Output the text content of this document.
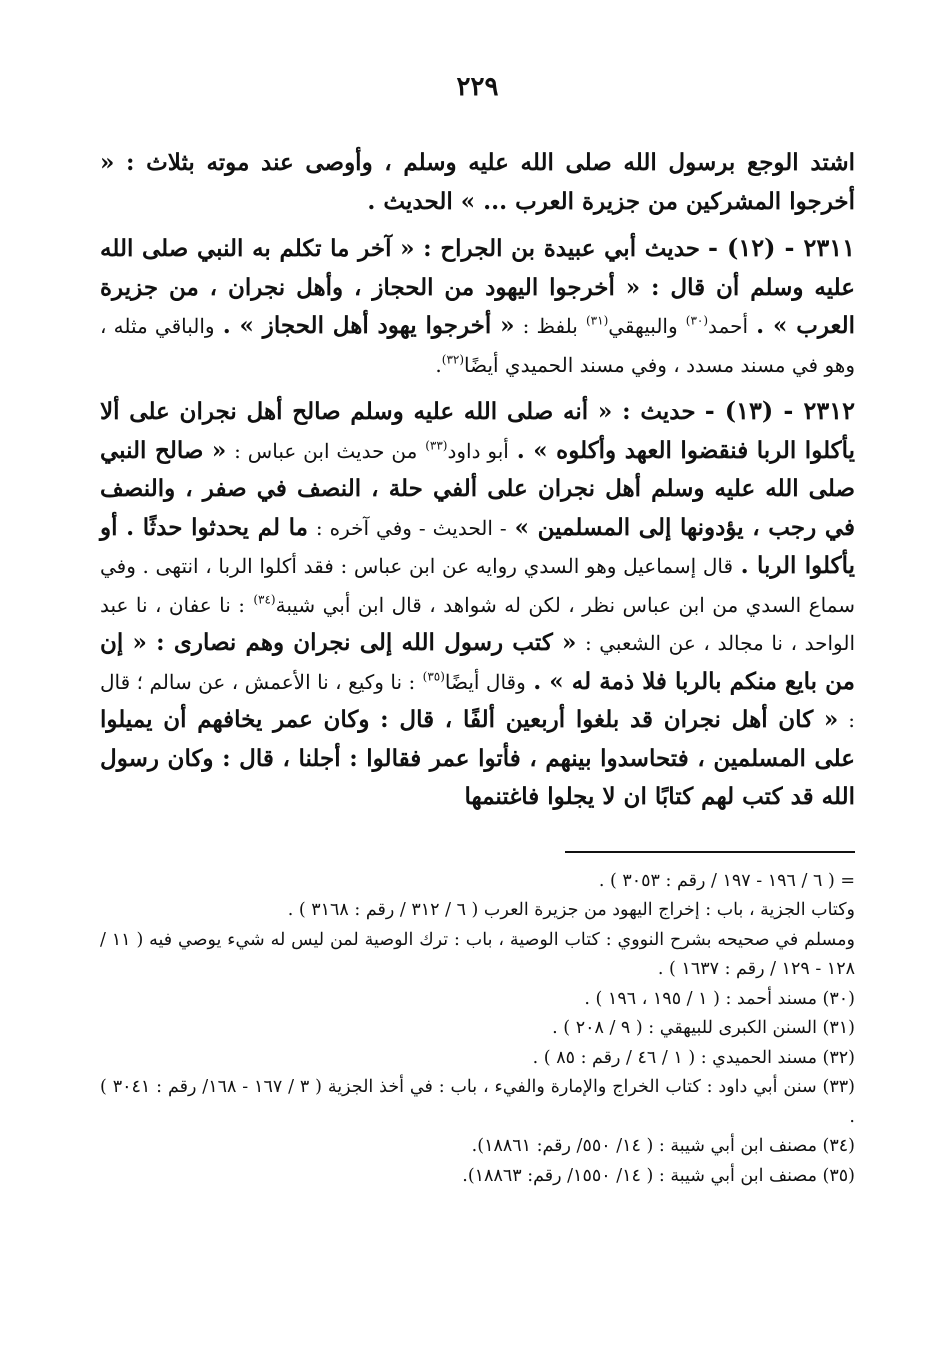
٢٢٩

اشتد الوجع برسول الله صلى الله عليه وسلم ، وأوصى عند موته بثلاث : « أخرجوا المشركين من جزيرة العرب ... » الحديث .

٢٣١١ - (١٢) - حديث أبي عبيدة بن الجراح : « آخر ما تكلم به النبي صلى الله عليه وسلم أن قال : « أخرجوا اليهود من الحجاز ، وأهل نجران ، من جزيرة العرب » . أحمد$^{(٣٠)}$ والبيهقي$^{(٣١)}$ بلفظ : « أخرجوا يهود أهل الحجاز » . والباقي مثله ، وهو في مسند مسدد ، وفي مسند الحميدي أيضًا$^{(٣٢)}$.

٢٣١٢ - (١٣) - حديث : « أنه صلى الله عليه وسلم صالح أهل نجران على ألا يأكلوا الربا فنقضوا العهد وأكلوه » . أبو داود$^{(٣٣)}$ من حديث ابن عباس : « صالح النبي صلى الله عليه وسلم أهل نجران على ألفي حلة ، النصف في صفر ، والنصف في رجب ، يؤدونها إلى المسلمين » - الحديث - وفي آخره : ما لم يحدثوا حدثًا . أو يأكلوا الربا . قال إسماعيل وهو السدي روايه عن ابن عباس : فقد أكلوا الربا ، انتهى . وفي سماع السدي من ابن عباس نظر ، لكن له شواهد ، قال ابن أبي شيبة$^{(٣٤)}$ : نا عفان ، نا عبد الواحد ، نا مجالد ، عن الشعبي : « كتب رسول الله إلى نجران وهم نصارى : « إن من بايع منكم بالربا فلا ذمة له » . وقال أيضًا$^{(٣٥)}$ : نا وكيع ، نا الأعمش ، عن سالم ؛ قال : « كان أهل نجران قد بلغوا أربعين ألفًا ، قال : وكان عمر يخافهم أن يميلوا على المسلمين ، فتحاسدوا بينهم ، فأتوا عمر فقالوا : أجلنا ، قال : وكان رسول الله قد كتب لهم كتابًا ان لا يجلوا فاغتنمها

= ( ٦ / ١٩٦ - ١٩٧ / رقم : ٣٠٥٣ ) .

وكتاب الجزية ، باب : إخراج اليهود من جزيرة العرب ( ٦ / ٣١٢ / رقم : ٣١٦٨ ) .

ومسلم في صحيحه بشرح النووي : كتاب الوصية ، باب : ترك الوصية لمن ليس له شيء يوصي فيه ( ١١ / ١٢٨ - ١٢٩ / رقم : ١٦٣٧ ) .

(٣٠) مسند أحمد : ( ١ / ١٩٥ ، ١٩٦ ) .

(٣١) السنن الكبرى للبيهقي : ( ٩ / ٢٠٨ ) .

(٣٢) مسند الحميدي : ( ١ / ٤٦ / رقم : ٨٥ ) .

(٣٣) سنن أبي داود : كتاب الخراج والإمارة والفيء ، باب : في أخذ الجزية ( ٣ / ١٦٧ - ١٦٨/ رقم : ٣٠٤١ ) .

(٣٤) مصنف ابن أبي شيبة : ( ١٤/ ٥٥٠/ رقم: ١٨٨٦١).

(٣٥) مصنف ابن أبي شيبة : ( ١٤/ ١٥٥٠/ رقم: ١٨٨٦٣).
